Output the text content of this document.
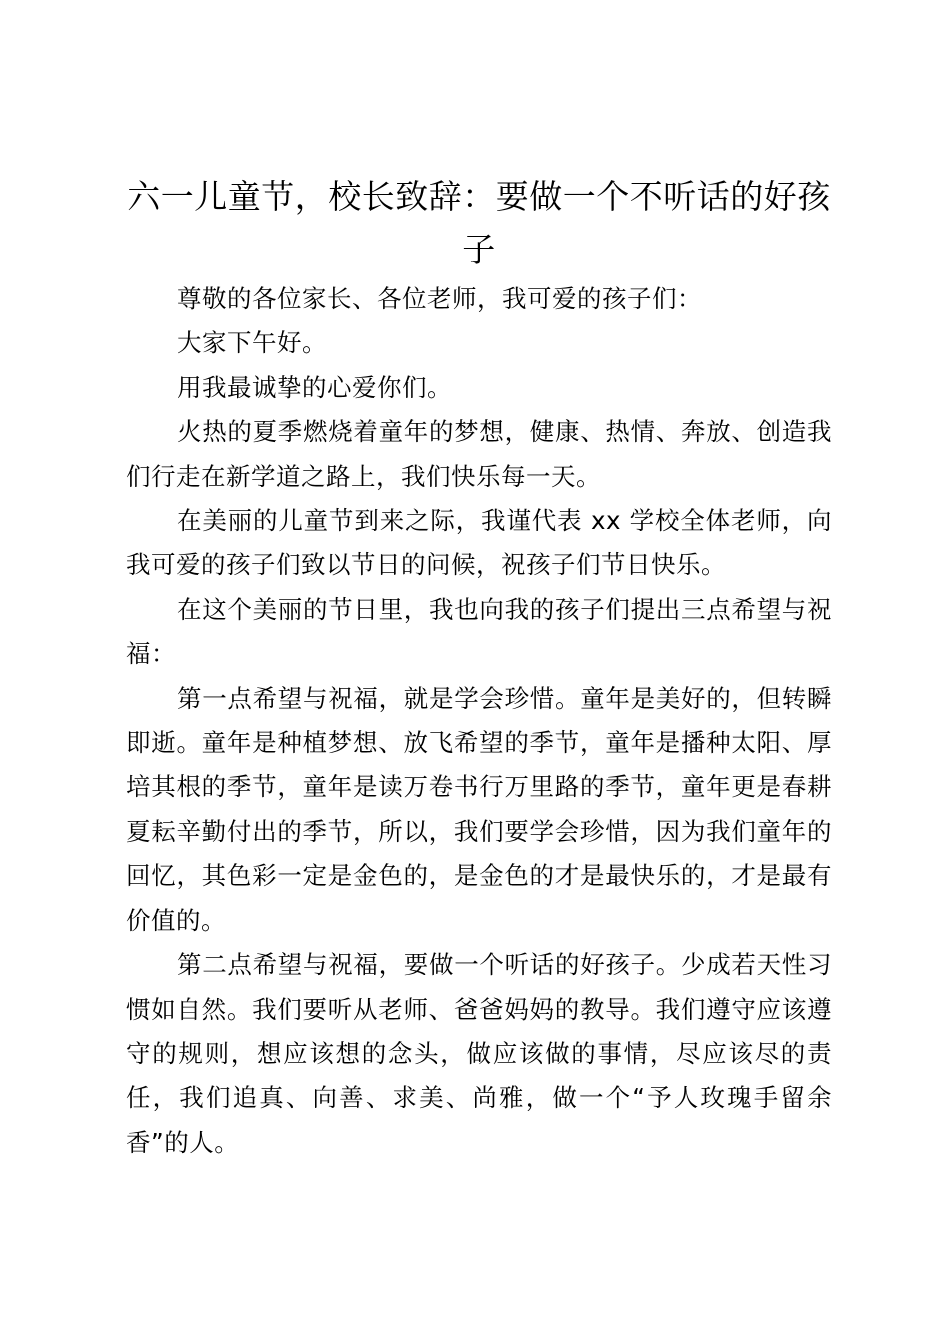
六一儿童节，校长致辞：要做一个不听话的好孩子

尊敬的各位家长、各位老师，我可爱的孩子们：

大家下午好。

用我最诚挚的心爱你们。

火热的夏季燃烧着童年的梦想，健康、热情、奔放、创造我们行走在新学道之路上，我们快乐每一天。

在美丽的儿童节到来之际，我谨代表 xx 学校全体老师，向我可爱的孩子们致以节日的问候，祝孩子们节日快乐。

在这个美丽的节日里，我也向我的孩子们提出三点希望与祝福：

第一点希望与祝福，就是学会珍惜。童年是美好的，但转瞬即逝。童年是种植梦想、放飞希望的季节，童年是播种太阳、厚培其根的季节，童年是读万卷书行万里路的季节，童年更是春耕夏耘辛勤付出的季节，所以，我们要学会珍惜，因为我们童年的回忆，其色彩一定是金色的，是金色的才是最快乐的，才是最有价值的。

第二点希望与祝福，要做一个听话的好孩子。少成若天性习惯如自然。我们要听从老师、爸爸妈妈的教导。我们遵守应该遵守的规则，想应该想的念头，做应该做的事情，尽应该尽的责任，我们追真、向善、求美、尚雅，做一个“予人玫瑰手留余香”的人。
